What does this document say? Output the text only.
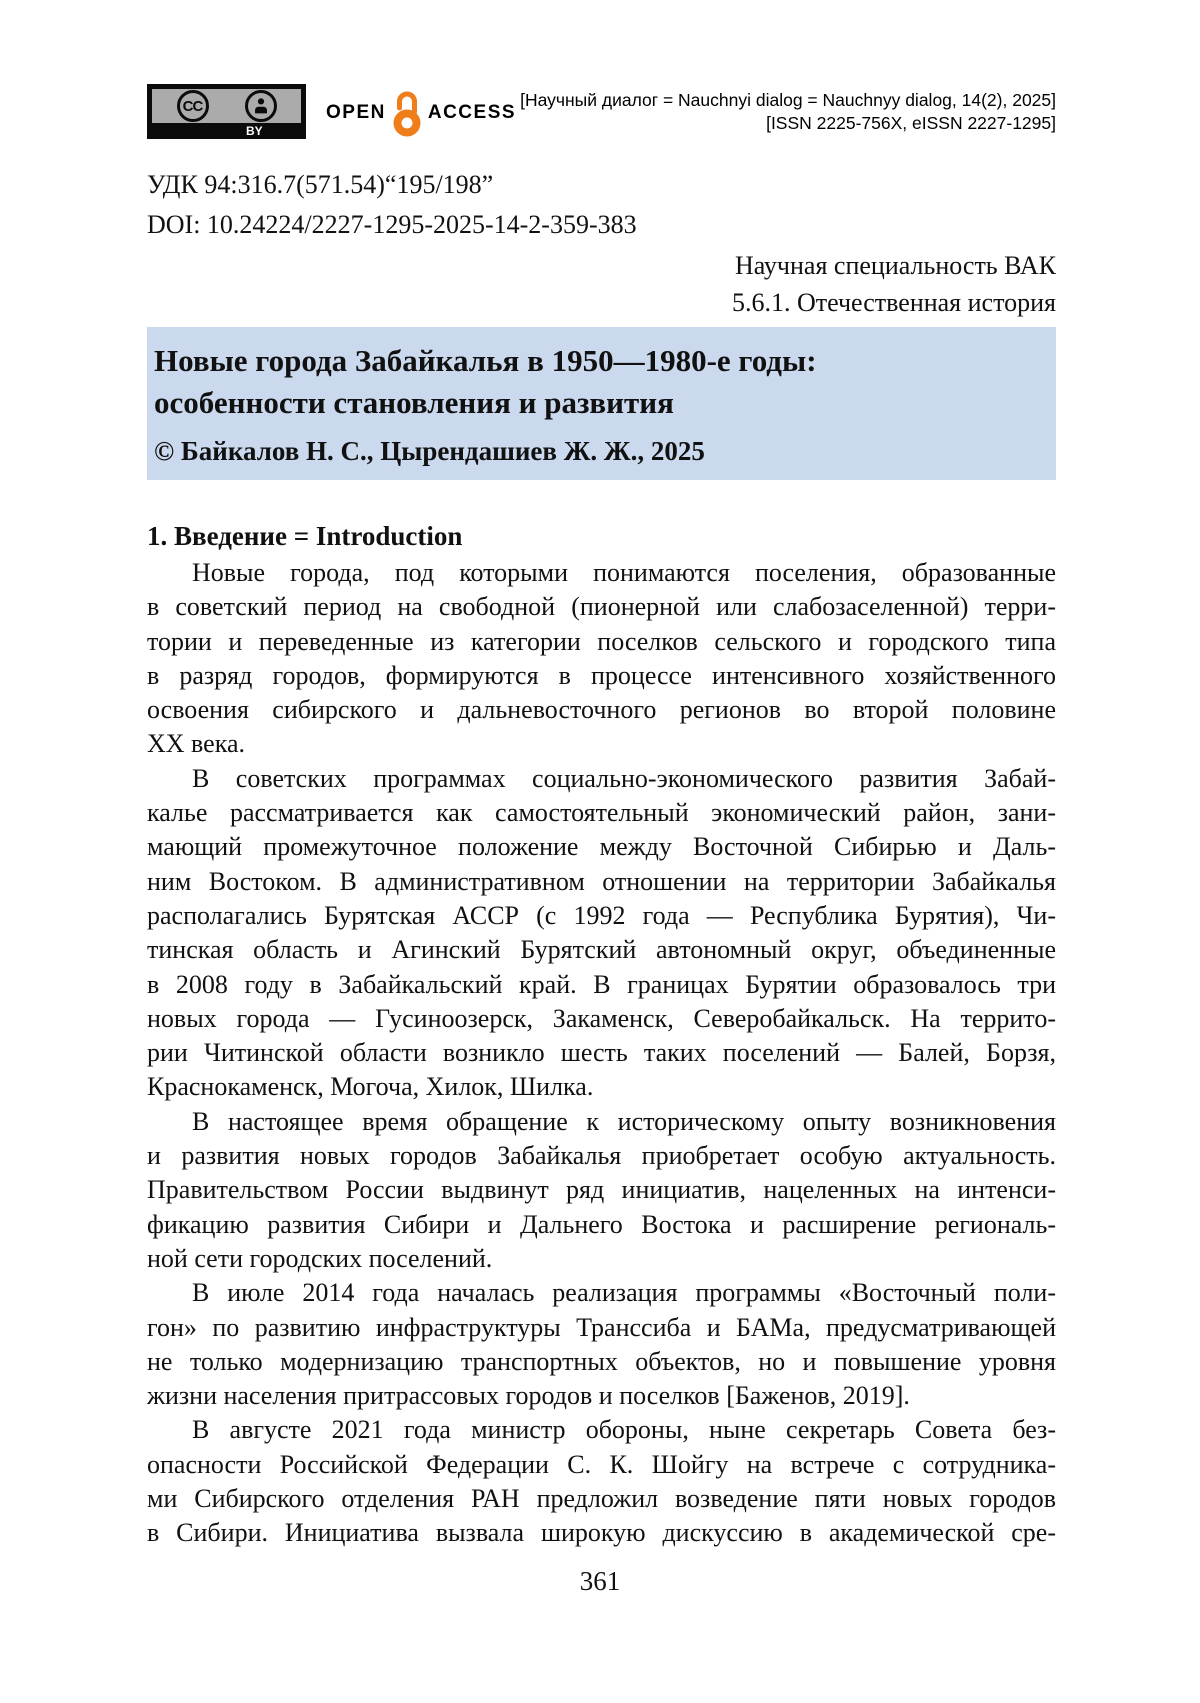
CC
BY
OPEN ACCESS
[Научный диалог = Nauchnyi dialog = Nauchnyy dialog, 14(2), 2025]
[ISSN 2225-756X, eISSN 2227-1295]
УДК 94:316.7(571.54)“195/198”
DOI: 10.24224/2227-1295-2025-14-2-359-383
Научная специальность ВАК
5.6.1. Отечественная история
Новые города Забайкалья в 1950—1980-е годы:
особенности становления и развития
© Байкалов Н. С., Цырендашиев Ж. Ж., 2025
1. Введение = Introduction

Новые города, под которыми понимаются поселения, образованные
в советский период на свободной (пионерной или слабозаселенной) терри-
тории и переведенные из категории поселков сельского и городского типа
в разряд городов, формируются в процессе интенсивного хозяйственного
освоения сибирского и дальневосточного регионов во второй половине
ХХ века.

В советских программах социально-экономического развития Забай-
калье рассматривается как самостоятельный экономический район, зани-
мающий промежуточное положение между Восточной Сибирью и Даль-
ним Востоком. В административном отношении на территории Забайкалья
располагались Бурятская АССР (с 1992 года — Республика Бурятия), Чи-
тинская область и Агинский Бурятский автономный округ, объединенные
в 2008 году в Забайкальский край. В границах Бурятии образовалось три
новых города — Гусиноозерск, Закаменск, Северобайкальск. На террито-
рии Читинской области возникло шесть таких поселений — Балей, Борзя,
Краснокаменск, Могоча, Хилок, Шилка.

В настоящее время обращение к историческому опыту возникновения
и развития новых городов Забайкалья приобретает особую актуальность.
Правительством России выдвинут ряд инициатив, нацеленных на интенси-
фикацию развития Сибири и Дальнего Востока и расширение региональ-
ной сети городских поселений.

В июле 2014 года началась реализация программы «Восточный поли-
гон» по развитию инфраструктуры Транссиба и БАМа, предусматривающей
не только модернизацию транспортных объектов, но и повышение уровня
жизни населения притрассовых городов и поселков [Баженов, 2019].

В августе 2021 года министр обороны, ныне секретарь Совета без-
опасности Российской Федерации С. К. Шойгу на встрече с сотрудника-
ми Сибирского отделения РАН предложил возведение пяти новых городов
в Сибири. Инициатива вызвала широкую дискуссию в академической сре-

361
